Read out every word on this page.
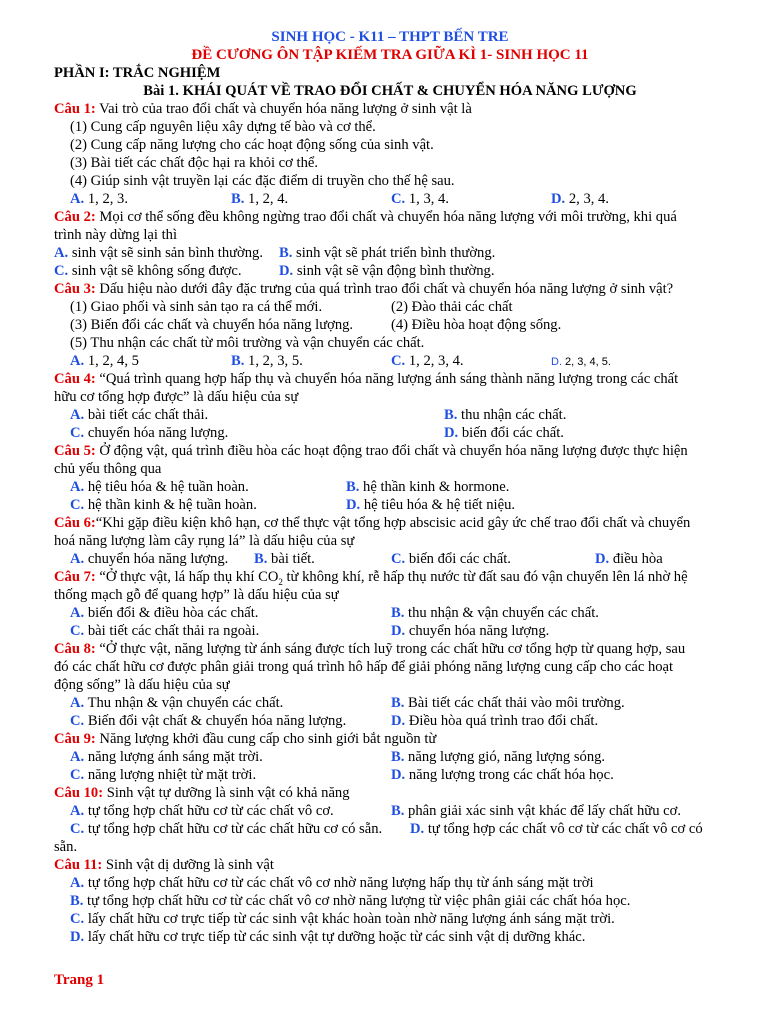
SINH HỌC - K11 – THPT BẾN TRE
ĐỀ CƯƠNG ÔN TẬP KIẾM TRA GIỮA KÌ 1- SINH HỌC 11
PHẦN I: TRẮC NGHIỆM
Bài 1. KHÁI QUÁT VỀ TRAO ĐỔI CHẤT & CHUYỂN HÓA NĂNG LƯỢNG
Câu 1: Vai trò của trao đổi chất và chuyển hóa năng lượng ở sinh vật là
(1) Cung cấp nguyên liệu xây dựng tế bào và cơ thể.
(2) Cung cấp năng lượng cho các hoạt động sống của sinh vật.
(3) Bài tiết các chất độc hại ra khỏi cơ thể.
(4) Giúp sinh vật truyền lại các đặc điểm di truyền cho thế hệ sau.
A. 1, 2, 3.	B. 1, 2, 4.	C. 1, 3, 4.	D. 2, 3, 4.
Câu 2: Mọi cơ thể sống đều không ngừng trao đổi chất và chuyển hóa năng lượng với môi trường, khi quá
trình này dừng lại thì
A. sinh vật sẽ sinh sản bình thường. B. sinh vật sẽ phát triển bình thường.
C. sinh vật sẽ không sống được.	D. sinh vật sẽ vận động bình thường.
Câu 3: Dấu hiệu nào dưới đây đặc trưng của quá trình trao đổi chất và chuyển hóa năng lượng ở sinh vật?
(1) Giao phối và sinh sản tạo ra cá thể mới.	(2) Đào thải các chất
(3) Biến đổi các chất và chuyển hóa năng lượng.	(4) Điều hòa hoạt động sống.
(5) Thu nhận các chất từ môi trường và vận chuyển các chất.
A. 1, 2, 4, 5	B. 1, 2, 3, 5.	C. 1, 2, 3, 4.	D. 2, 3, 4, 5.
Câu 4: “Quá trình quang hợp hấp thụ và chuyển hóa năng lượng ánh sáng thành năng lượng trong các chất
hữu cơ tổng hợp được” là dấu hiệu của sự
A. bài tiết các chất thải.	B. thu nhận các chất.
C. chuyển hóa năng lượng.	D. biến đổi các chất.
Câu 5: Ở động vật, quá trình điều hòa các hoạt động trao đổi chất và chuyển hóa năng lượng được thực hiện
chủ yếu thông qua
A. hệ tiêu hóa & hệ tuần hoàn.	B. hệ thần kinh & hormone.
C. hệ thần kinh & hệ tuần hoàn.	D. hệ tiêu hóa & hệ tiết niệu.
Câu 6:“Khi gặp điều kiện khô hạn, cơ thể thực vật tổng hợp abscisic acid gây ức chế trao đổi chất và chuyển
hoá năng lượng làm cây rụng lá” là dấu hiệu của sự
A. chuyển hóa năng lượng. B. bài tiết.	C. biến đổi các chất.	D. điều hòa
Câu 7: “Ở thực vật, lá hấp thụ khí $CO_2$ từ không khí, rễ hấp thụ nước từ đất sau đó vận chuyển lên lá nhờ hệ
thống mạch gỗ để quang hợp” là dấu hiệu của sự
A. biến đổi & điều hòa các chất.	B. thu nhận & vận chuyển các chất.
C. bài tiết các chất thải ra ngoài.	D. chuyển hóa năng lượng.
Câu 8: “Ở thực vật, năng lượng từ ánh sáng được tích luỹ trong các chất hữu cơ tổng hợp từ quang hợp, sau
đó các chất hữu cơ được phân giải trong quá trình hô hấp để giải phóng năng lượng cung cấp cho các hoạt
động sống” là dấu hiệu của sự
A. Thu nhận & vận chuyển các chất.	B. Bài tiết các chất thải vào môi trường.
C. Biến đổi vật chất & chuyển hóa năng lượng.	D. Điều hòa quá trình trao đổi chất.
Câu 9: Năng lượng khởi đầu cung cấp cho sinh giới bắt nguồn từ
A. năng lượng ánh sáng mặt trời.	B. năng lượng gió, năng lượng sóng.
C. năng lượng nhiệt từ mặt trời.	D. năng lượng trong các chất hóa học.
Câu 10: Sinh vật tự dưỡng là sinh vật có khả năng
A. tự tổng hợp chất hữu cơ từ các chất vô cơ.	B. phân giải xác sinh vật khác để lấy chất hữu cơ.
C. tự tổng hợp chất hữu cơ từ các chất hữu cơ có sẵn. D. tự tổng hợp các chất vô cơ từ các chất vô cơ có
sẵn.
Câu 11: Sinh vật dị dưỡng là sinh vật
A. tự tổng hợp chất hữu cơ từ các chất vô cơ nhờ năng lượng hấp thụ từ ánh sáng mặt trời
B. tự tổng hợp chất hữu cơ từ các chất vô cơ nhờ năng lượng từ việc phân giải các chất hóa học.
C. lấy chất hữu cơ trực tiếp từ các sinh vật khác hoàn toàn nhờ năng lượng ánh sáng mặt trời.
D. lấy chất hữu cơ trực tiếp từ các sinh vật tự dưỡng hoặc từ các sinh vật dị dưỡng khác.
Trang 1
